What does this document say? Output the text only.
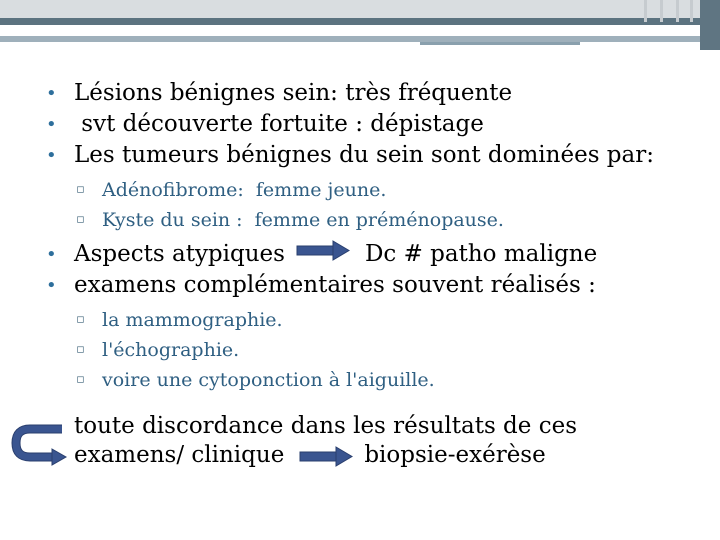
• Lésions bénignes sein: très fréquente
• svt découverte fortuite : dépistage
• Les tumeurs bénignes du sein sont dominées par:
▫ Adénofibrome:  femme jeune.
▫ Kyste du sein :  femme en préménopause.
• Aspects atypiques	Dc # patho maligne
• examens complémentaires souvent réalisés :
▫ la mammographie.
▫ l'échographie.
▫ voire une cytoponction à l'aiguille.
toute discordance dans les résultats de ces
examens/ clinique	biopsie-exérèse
